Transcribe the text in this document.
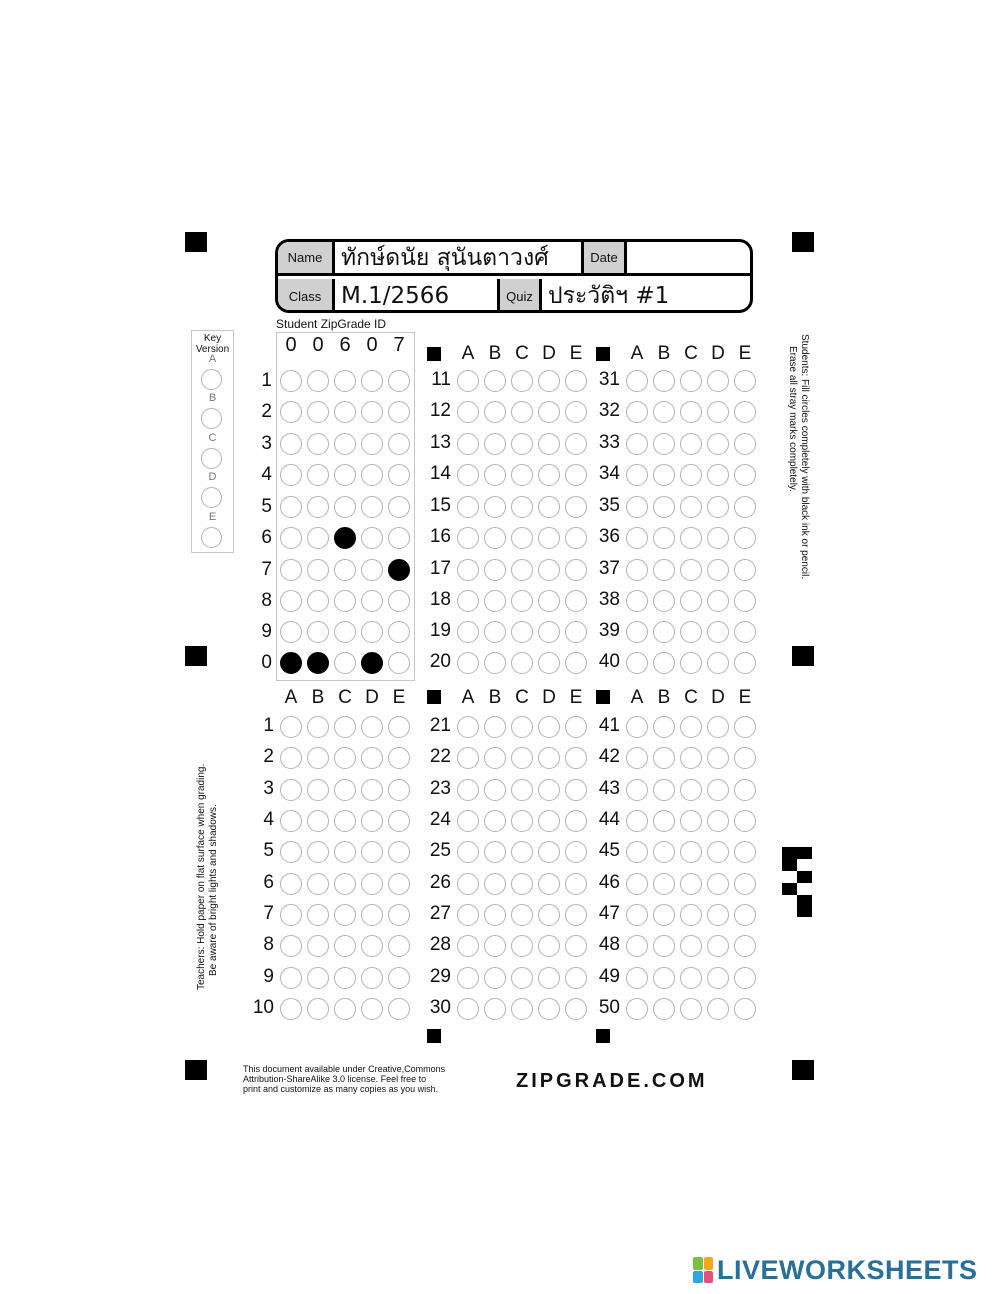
Name ทักษ์ดนัย สุนันตาวงศ์	Date
Class M.1/2566	Quiz ประวัติฯ #1
Student ZipGrade ID
Key
Version
A
B
C
D
E
0 0 6 0 7
1
2
3
4
5
6
7
8
9
0
A B C D E	A B C D E
A B C D E	A B C D E	A B C D E
11
12
13
14
15
16
17
18
19
20
31
32
33
34
35
36
37
38
39
40
1
2
3
4
5
6
7
8
9
10
21
22
23
24
25
26
27
28
29
30
41
42
43
44
45
46
47
48
49
50
Students: Fill circles completely with black ink or pencil.
Erase all stray marks completely.
Teachers: Hold paper on flat surface when grading. Be aware of bright lights and shadows.
This document available under Creative,Commons
Attribution-ShareAlike 3.0 license. Feel free to
print and customize as many copies as you wish.	ZIPGRADE.COM
LIVEWORKSHEETS
